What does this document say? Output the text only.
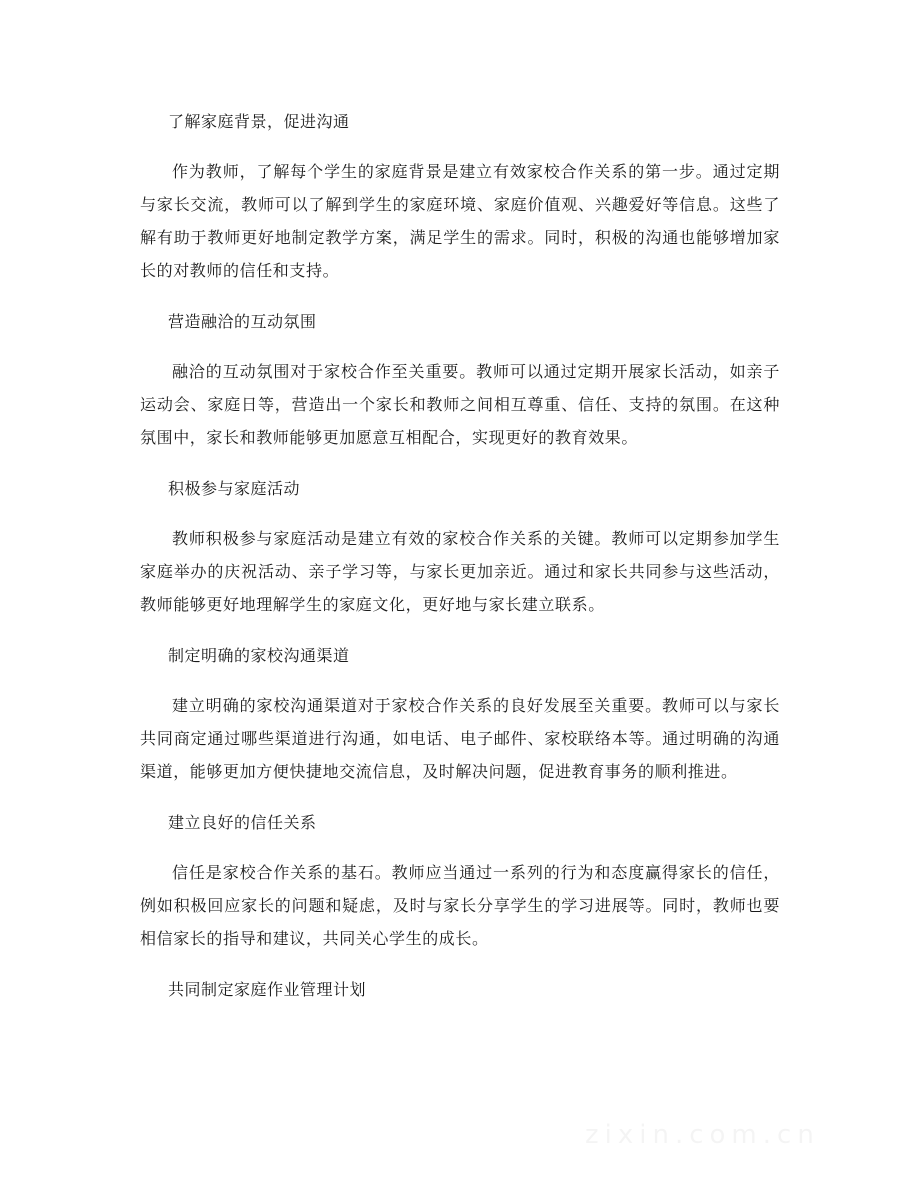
了解家庭背景，促进沟通

作为教师，了解每个学生的家庭背景是建立有效家校合作关系的第一步。通过定期与家长交流，教师可以了解到学生的家庭环境、家庭价值观、兴趣爱好等信息。这些了解有助于教师更好地制定教学方案，满足学生的需求。同时，积极的沟通也能够增加家长的对教师的信任和支持。

营造融洽的互动氛围

融洽的互动氛围对于家校合作至关重要。教师可以通过定期开展家长活动，如亲子运动会、家庭日等，营造出一个家长和教师之间相互尊重、信任、支持的氛围。在这种氛围中，家长和教师能够更加愿意互相配合，实现更好的教育效果。

积极参与家庭活动

教师积极参与家庭活动是建立有效的家校合作关系的关键。教师可以定期参加学生家庭举办的庆祝活动、亲子学习等，与家长更加亲近。通过和家长共同参与这些活动，教师能够更好地理解学生的家庭文化，更好地与家长建立联系。

制定明确的家校沟通渠道

建立明确的家校沟通渠道对于家校合作关系的良好发展至关重要。教师可以与家长共同商定通过哪些渠道进行沟通，如电话、电子邮件、家校联络本等。通过明确的沟通渠道，能够更加方便快捷地交流信息，及时解决问题，促进教育事务的顺利推进。

建立良好的信任关系

信任是家校合作关系的基石。教师应当通过一系列的行为和态度赢得家长的信任，例如积极回应家长的问题和疑虑，及时与家长分享学生的学习进展等。同时，教师也要相信家长的指导和建议，共同关心学生的成长。

共同制定家庭作业管理计划
